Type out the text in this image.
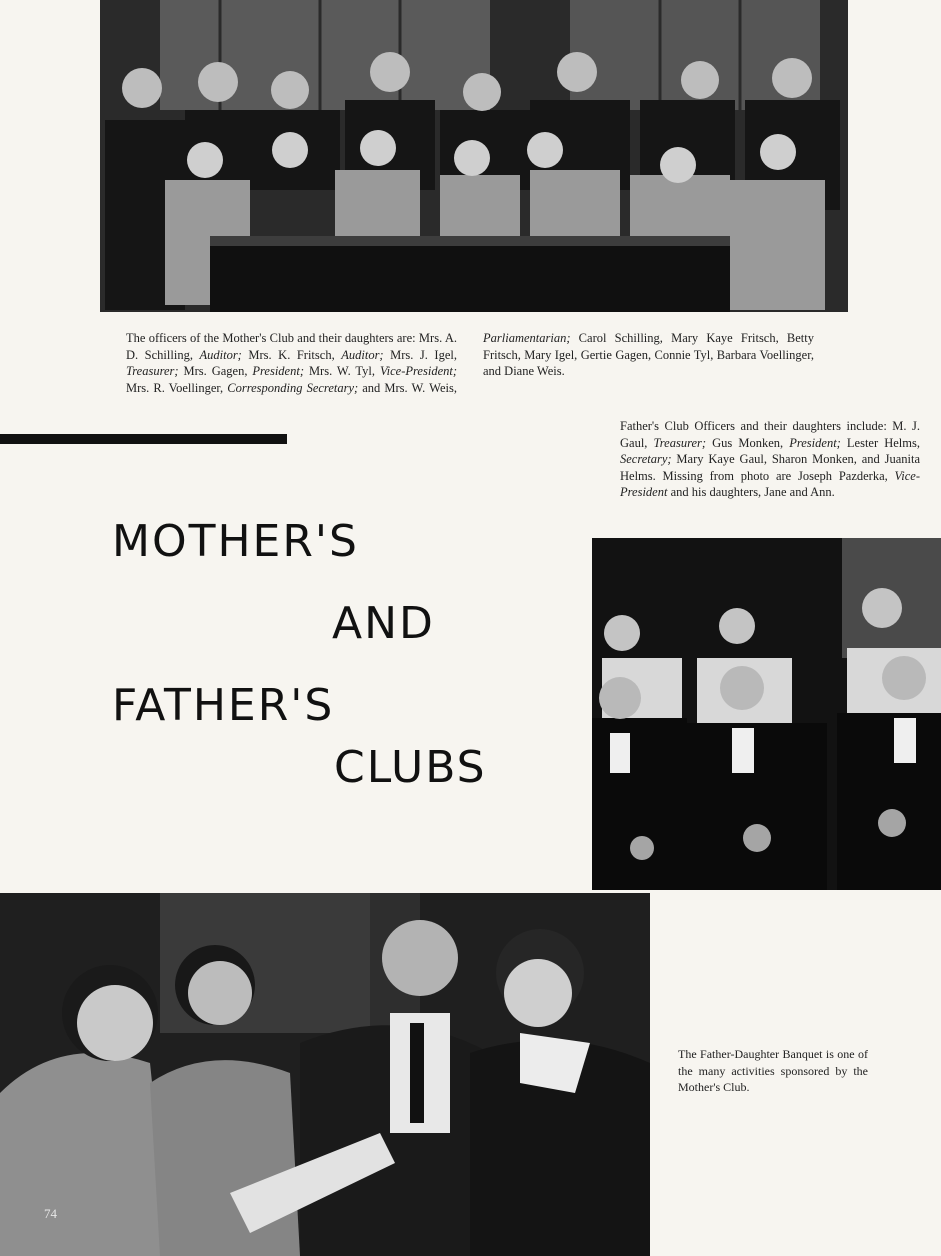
The officers of the Mother's Club and their daughters are: Mrs. A. D. Schilling, Auditor; Mrs. K. Fritsch, Auditor; Mrs. J. Igel, Treasurer; Mrs. Gagen, President; Mrs. W. Tyl, Vice-President; Mrs. R. Voellinger, Corresponding Secretary; and Mrs. W. Weis, Parliamentarian; Carol Schilling, Mary Kaye Fritsch, Betty Fritsch, Mary Igel, Gertie Gagen, Connie Tyl, Barbara Voellinger, and Diane Weis.
Father's Club Officers and their daughters include: M. J. Gaul, Treasurer; Gus Monken, President; Lester Helms, Secretary; Mary Kaye Gaul, Sharon Monken, and Juanita Helms. Missing from photo are Joseph Pazderka, Vice-President and his daughters, Jane and Ann.
MOTHER'S
AND
FATHER'S
CLUBS
74
The Father-Daughter Banquet is one of the many activities sponsored by the Mother's Club.
